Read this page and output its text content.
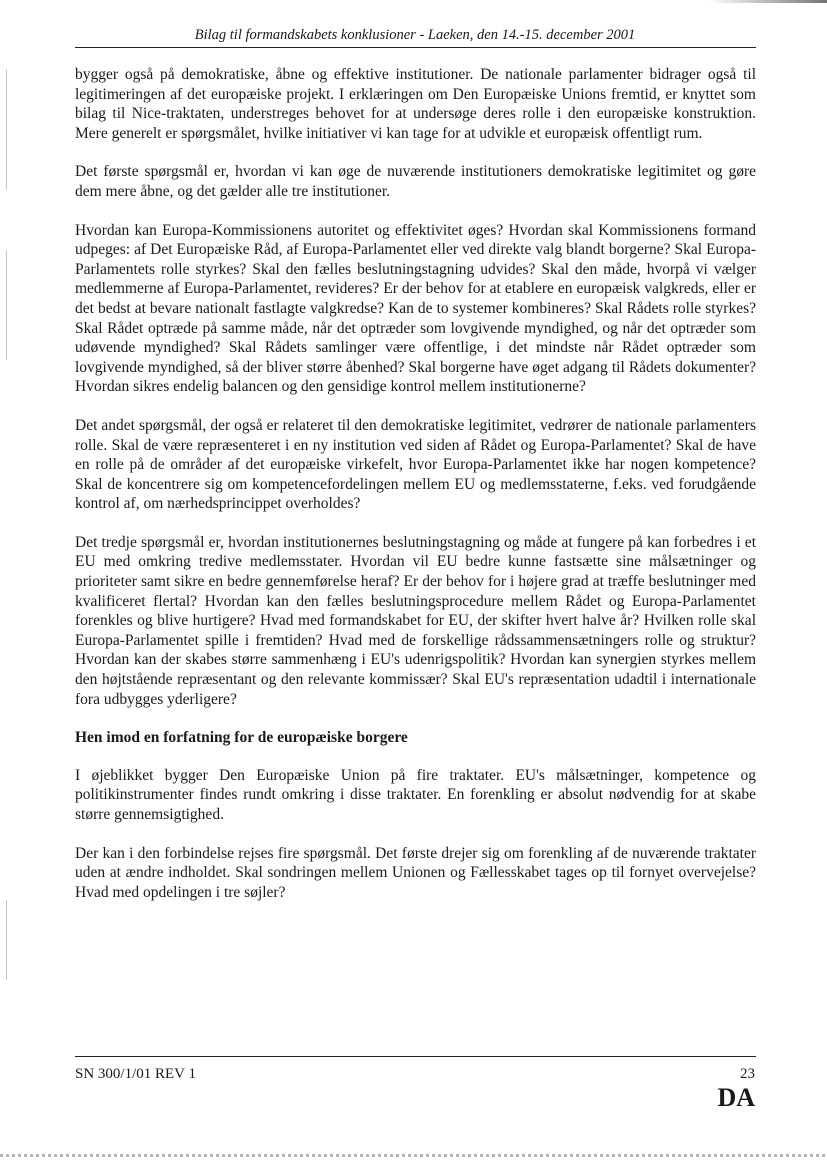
Bilag til formandskabets konklusioner - Laeken, den 14.-15. december 2001

bygger også på demokratiske, åbne og effektive institutioner. De nationale parlamenter bidrager også til legitimeringen af det europæiske projekt. I erklæringen om Den Europæiske Unions fremtid, er knyttet som bilag til Nice-traktaten, understreges behovet for at undersøge deres rolle i den europæiske konstruktion. Mere generelt er spørgsmålet, hvilke initiativer vi kan tage for at udvikle et europæisk offentligt rum.

Det første spørgsmål er, hvordan vi kan øge de nuværende institutioners demokratiske legitimitet og gøre dem mere åbne, og det gælder alle tre institutioner.

Hvordan kan Europa-Kommissionens autoritet og effektivitet øges? Hvordan skal Kommissionens formand udpeges: af Det Europæiske Råd, af Europa-Parlamentet eller ved direkte valg blandt borgerne? Skal Europa-Parlamentets rolle styrkes? Skal den fælles beslutningstagning udvides? Skal den måde, hvorpå vi vælger medlemmerne af Europa-Parlamentet, revideres? Er der behov for at etablere en europæisk valgkreds, eller er det bedst at bevare nationalt fastlagte valgkredse? Kan de to systemer kombineres? Skal Rådets rolle styrkes? Skal Rådet optræde på samme måde, når det optræder som lovgivende myndighed, og når det optræder som udøvende myndighed? Skal Rådets samlinger være offentlige, i det mindste når Rådet optræder som lovgivende myndighed, så der bliver større åbenhed? Skal borgerne have øget adgang til Rådets dokumenter? Hvordan sikres endelig balancen og den gensidige kontrol mellem institutionerne?

Det andet spørgsmål, der også er relateret til den demokratiske legitimitet, vedrører de nationale parlamenters rolle. Skal de være repræsenteret i en ny institution ved siden af Rådet og Europa-Parlamentet? Skal de have en rolle på de områder af det europæiske virkefelt, hvor Europa-Parlamentet ikke har nogen kompetence? Skal de koncentrere sig om kompetencefordelingen mellem EU og medlemsstaterne, f.eks. ved forudgående kontrol af, om nærhedsprincippet overholdes?

Det tredje spørgsmål er, hvordan institutionernes beslutningstagning og måde at fungere på kan forbedres i et EU med omkring tredive medlemsstater. Hvordan vil EU bedre kunne fastsætte sine målsætninger og prioriteter samt sikre en bedre gennemførelse heraf? Er der behov for i højere grad at træffe beslutninger med kvalificeret flertal? Hvordan kan den fælles beslutningsprocedure mellem Rådet og Europa-Parlamentet forenkles og blive hurtigere? Hvad med formandskabet for EU, der skifter hvert halve år? Hvilken rolle skal Europa-Parlamentet spille i fremtiden? Hvad med de forskellige rådssammensætningers rolle og struktur? Hvordan kan der skabes større sammenhæng i EU's udenrigspolitik? Hvordan kan synergien styrkes mellem den højtstående repræsentant og den relevante kommissær? Skal EU's repræsentation udadtil i internationale fora udbygges yderligere?

Hen imod en forfatning for de europæiske borgere

I øjeblikket bygger Den Europæiske Union på fire traktater. EU's målsætninger, kompetence og politikinstrumenter findes rundt omkring i disse traktater. En forenkling er absolut nødvendig for at skabe større gennemsigtighed.

Der kan i den forbindelse rejses fire spørgsmål. Det første drejer sig om forenkling af de nuværende traktater uden at ændre indholdet. Skal sondringen mellem Unionen og Fællesskabet tages op til fornyet overvejelse? Hvad med opdelingen i tre søjler?

SN 300/1/01 REV 1	23
DA
